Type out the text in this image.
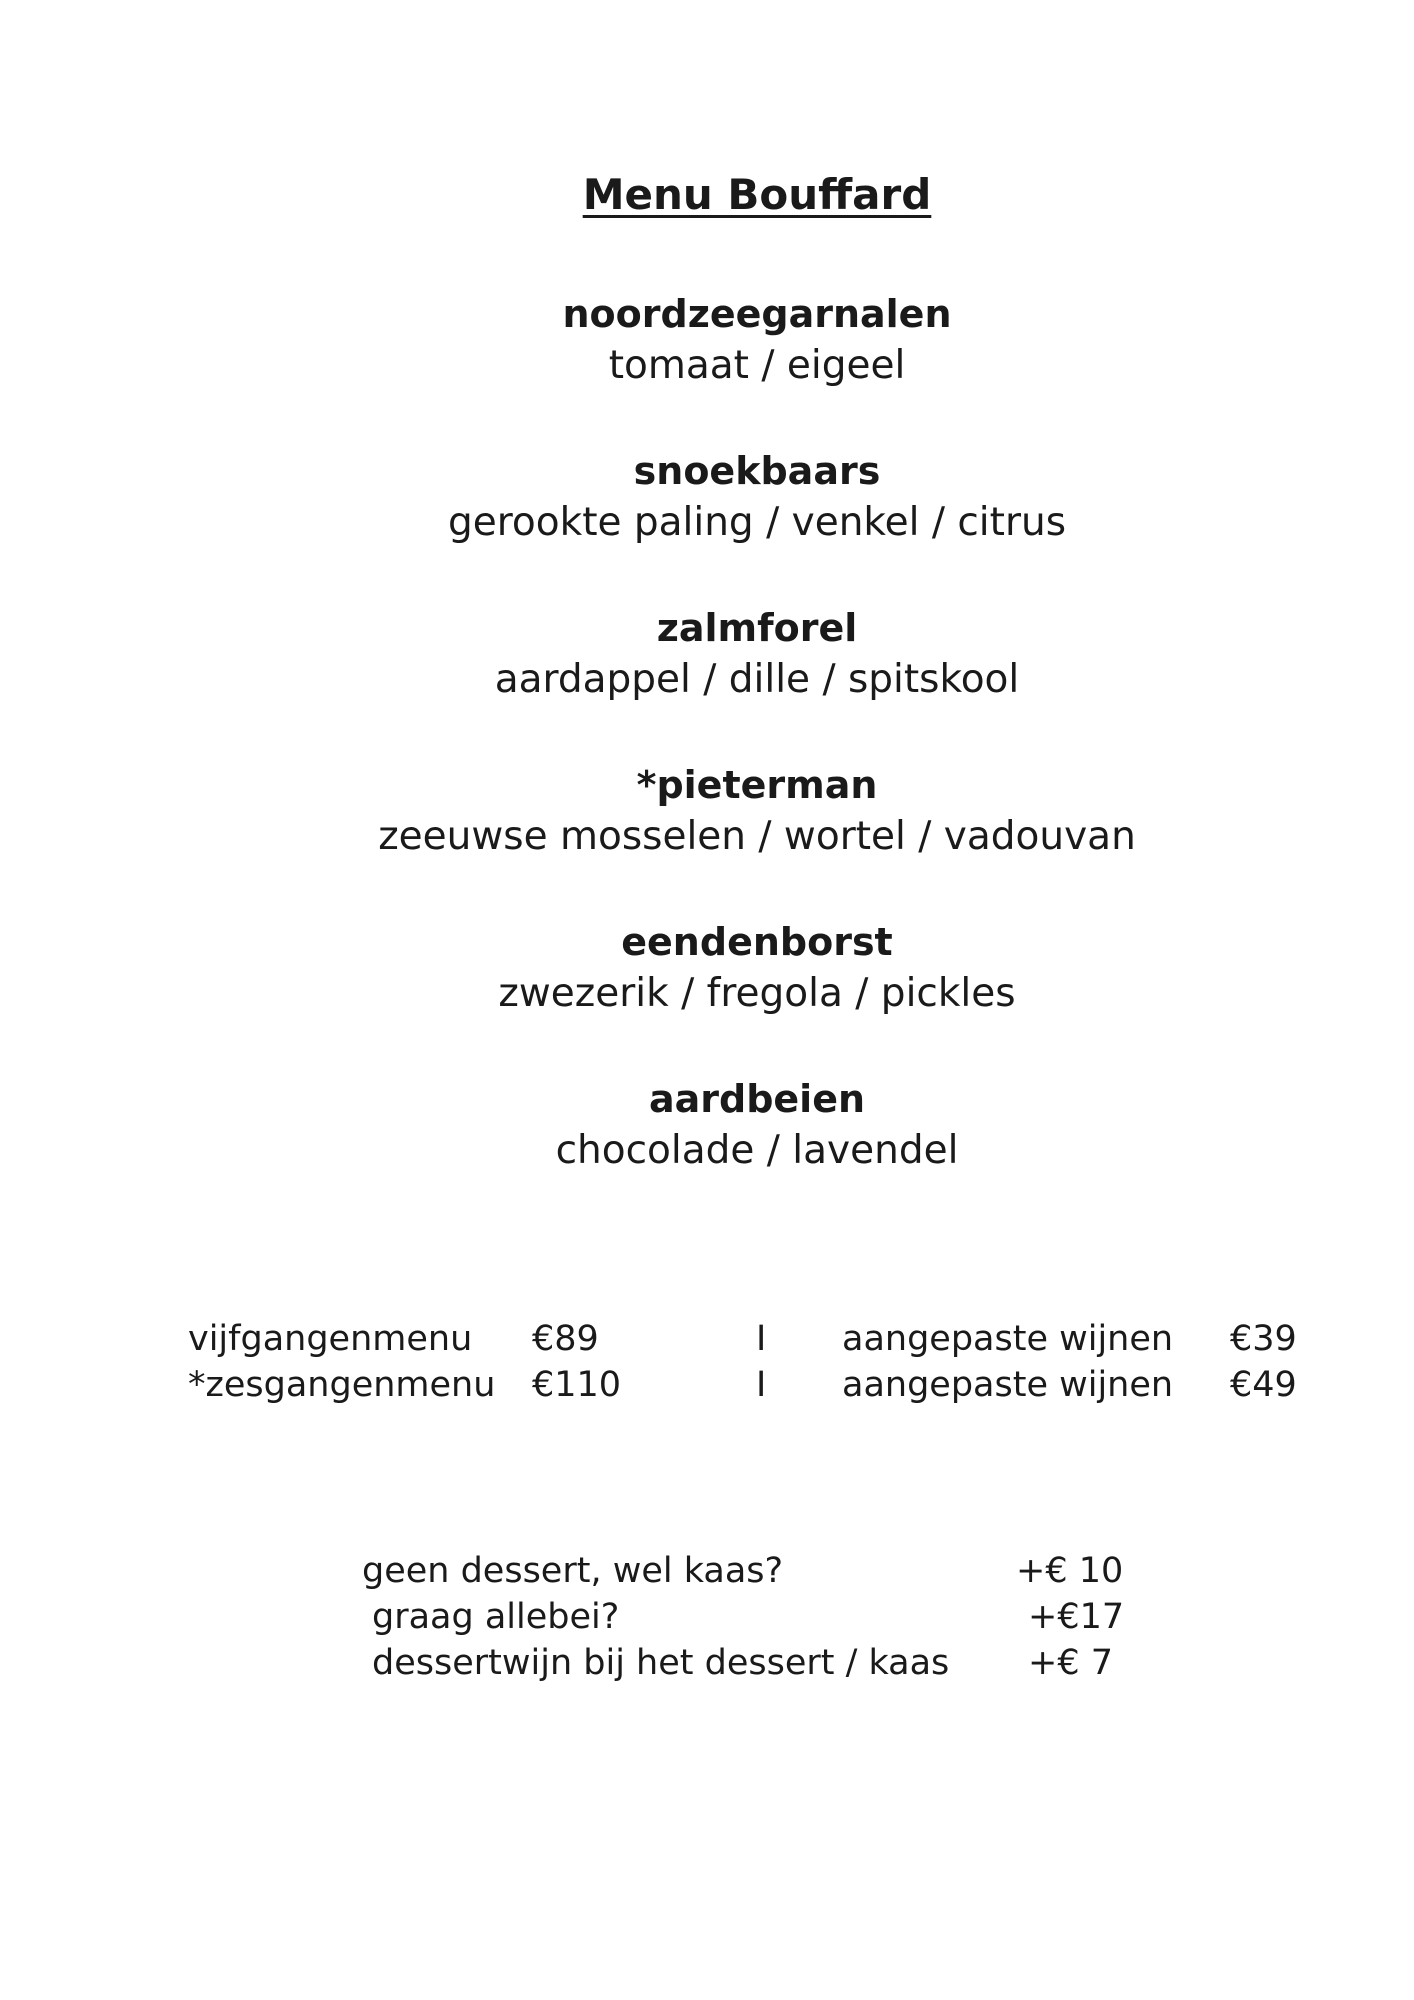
Menu Bouffard
noordzeegarnalen
tomaat / eigeel
snoekbaars
gerookte paling / venkel / citrus
zalmforel
aardappel / dille / spitskool
*pieterman
zeeuwse mosselen / wortel / vadouvan
eendenborst
zwezerik / fregola / pickles
aardbeien
chocolade / lavendel
vijfgangenmenu €89	I aangepaste wijnen €39
*zesgangenmenu €110	I aangepaste wijnen €49
geen dessert, wel kaas?	+€ 10
graag allebei?	+€17
dessertwijn bij het dessert / kaas +€ 7
